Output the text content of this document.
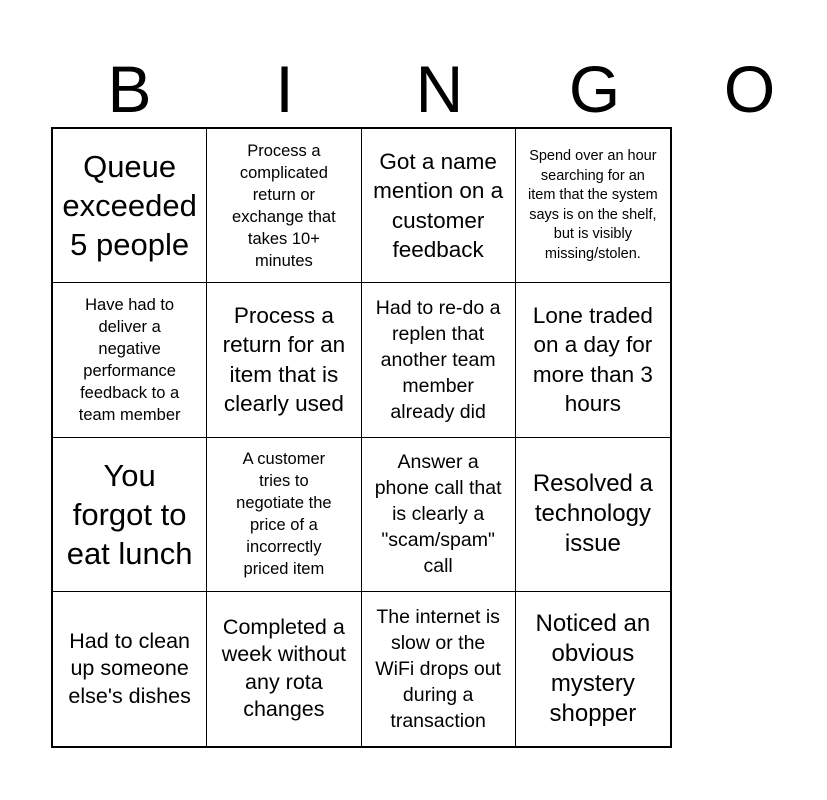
B	I	N	G	O
Queue exceeded 5 people
Process a complicated return or exchange that takes 10+ minutes
Got a name mention on a customer feedback
Spend over an hour searching for an item that the system says is on the shelf, but is visibly missing/stolen.
Have had to deliver a negative performance feedback to a team member
Process a return for an item that is clearly used
Had to re-do a replen that another team member already did
Lone traded on a day for more than 3 hours
You forgot to eat lunch
A customer tries to negotiate the price of a incorrectly priced item
Answer a phone call that is clearly a "scam/spam" call
Resolved a technology issue
Had to clean up someone else's dishes
Completed a week without any rota changes
The internet is slow or the WiFi drops out during a transaction
Noticed an obvious mystery shopper
